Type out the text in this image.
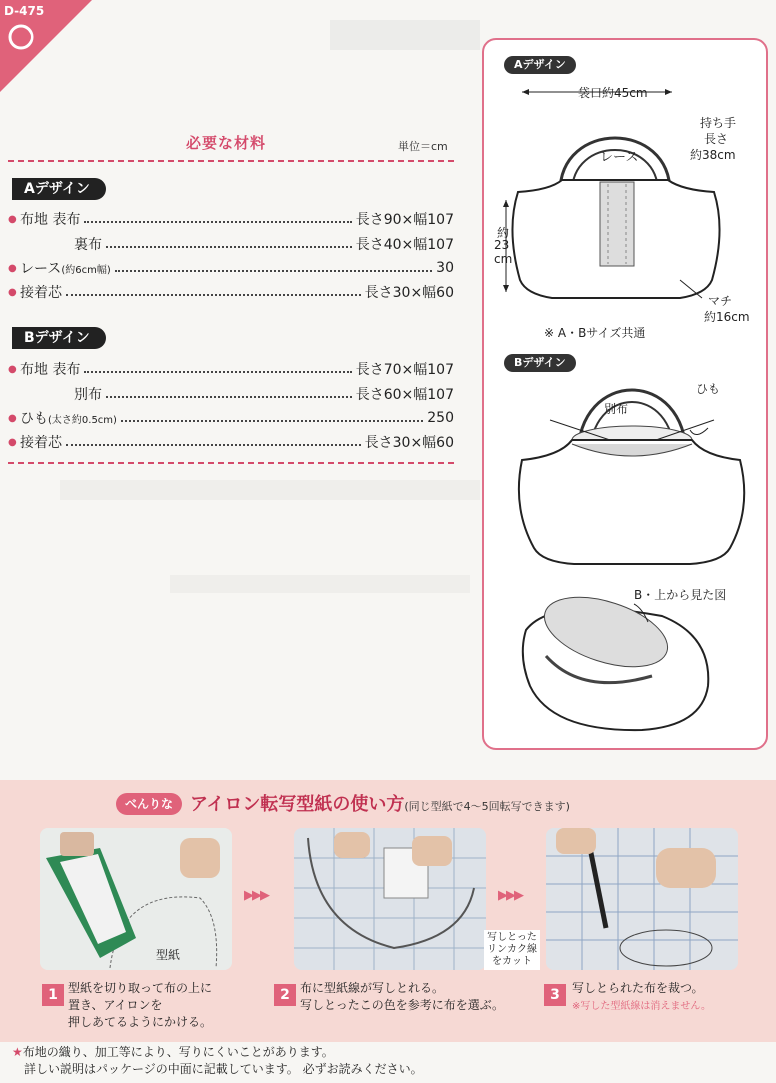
D-475
必要な材料	単位＝cm
Aデザイン
● 布地 表布	長さ90×幅107
裏布	長さ40×幅107
● レース(約6cm幅)	30
● 接着芯	長さ30×幅60
Bデザイン
● 布地 表布	長さ70×幅107
別布	長さ60×幅107
● ひも(太さ約0.5cm)	250
● 接着芯	長さ30×幅60
Aデザイン
袋口約45cm
持ち手
長さ
約38cm
レース
約
23
cm
マチ
約16cm
※ A・Bサイズ共通
Bデザイン
ひも
別布
B・上から見た図
べんりな アイロン転写型紙の使い方(同じ型紙で4〜5回転写できます)
型紙
▶▶▶
写しとった
リンカク線
をカット
▶▶▶
1 型紙を切り取って布の上に
置き、アイロンを
押しあてるようにかける。
2 布に型紙線が写しとれる。
写しとったこの色を参考に布を選ぶ。
3	写しとられた布を裁つ。
※写した型紙線は消えません。
★布地の織り、加工等により、写りにくいことがあります。
詳しい説明はパッケージの中面に記載しています。 必ずお読みください。
